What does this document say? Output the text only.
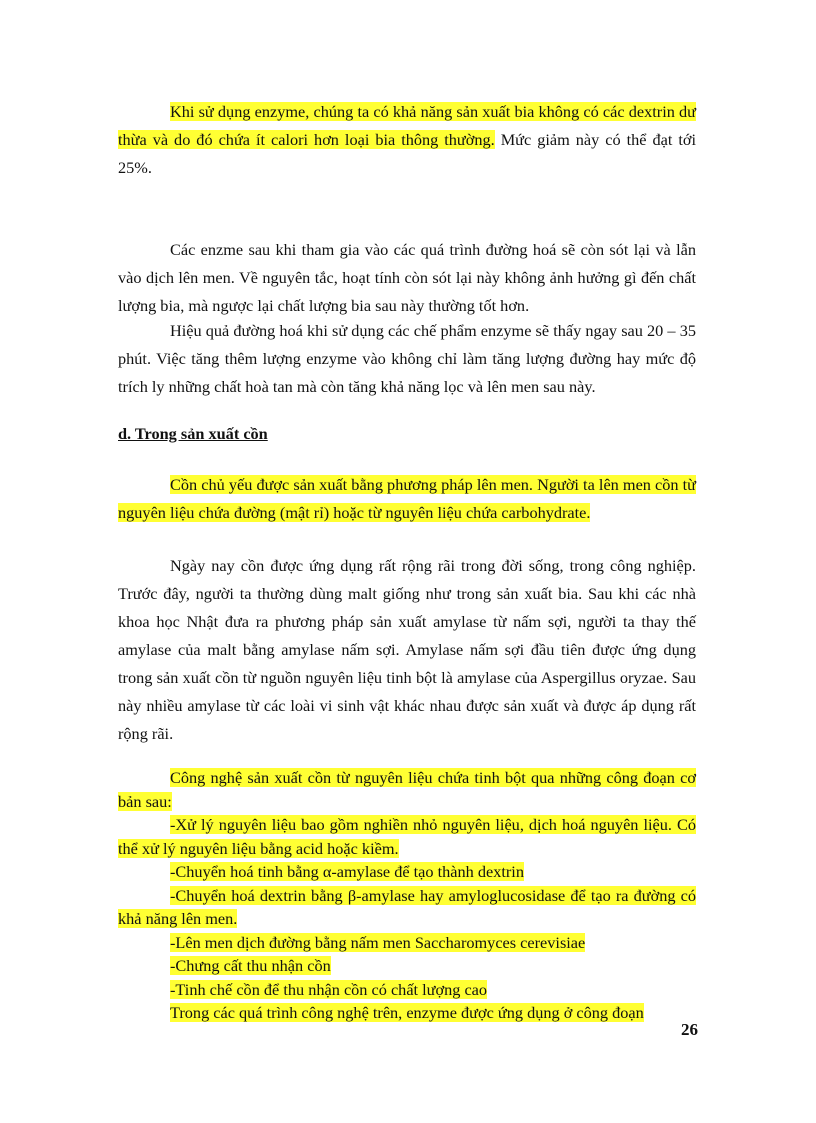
Khi sử dụng enzyme, chúng ta có khả năng sản xuất bia không có các dextrin dư thừa và do đó chứa ít calori hơn loại bia thông thường. Mức giảm này có thể đạt tới 25%.

Các enzme sau khi tham gia vào các quá trình đường hoá sẽ còn sót lại và lẫn vào dịch lên men. Về nguyên tắc, hoạt tính còn sót lại này không ảnh hưởng gì đến chất lượng bia, mà ngược lại chất lượng bia sau này thường tốt hơn.

Hiệu quả đường hoá khi sử dụng các chế phẩm enzyme sẽ thấy ngay sau 20 – 35 phút. Việc tăng thêm lượng enzyme vào không chỉ làm tăng lượng đường hay mức độ trích ly những chất hoà tan mà còn tăng khả năng lọc và lên men sau này.

d. Trong sản xuất cồn

Cồn chủ yếu được sản xuất bằng phương pháp lên men. Người ta lên men cồn từ nguyên liệu chứa đường (mật rỉ) hoặc từ nguyên liệu chứa carbohydrate.

Ngày nay cồn được ứng dụng rất rộng rãi trong đời sống, trong công nghiệp. Trước đây, người ta thường dùng malt giống như trong sản xuất bia. Sau khi các nhà khoa học Nhật đưa ra phương pháp sản xuất amylase từ nấm sợi, người ta thay thế amylase của malt bằng amylase nấm sợi. Amylase nấm sợi đầu tiên được ứng dụng trong sản xuất cồn từ nguồn nguyên liệu tinh bột là amylase của Aspergillus oryzae. Sau này nhiều amylase từ các loài vi sinh vật khác nhau được sản xuất và được áp dụng rất rộng rãi.

Công nghệ sản xuất cồn từ nguyên liệu chứa tinh bột qua những công đoạn cơ bản sau:
-Xử lý nguyên liệu bao gồm nghiền nhỏ nguyên liệu, dịch hoá nguyên liệu. Có thể xử lý nguyên liệu bằng acid hoặc kiềm.
-Chuyển hoá tinh bằng α-amylase để tạo thành dextrin
-Chuyển hoá dextrin bằng β-amylase hay amyloglucosidase để tạo ra đường có khả năng lên men.
-Lên men dịch đường bằng nấm men Saccharomyces cerevisiae
-Chưng cất thu nhận cồn
-Tinh chế cồn để thu nhận cồn có chất lượng cao
Trong các quá trình công nghệ trên, enzyme được ứng dụng ở công đoạn

26
